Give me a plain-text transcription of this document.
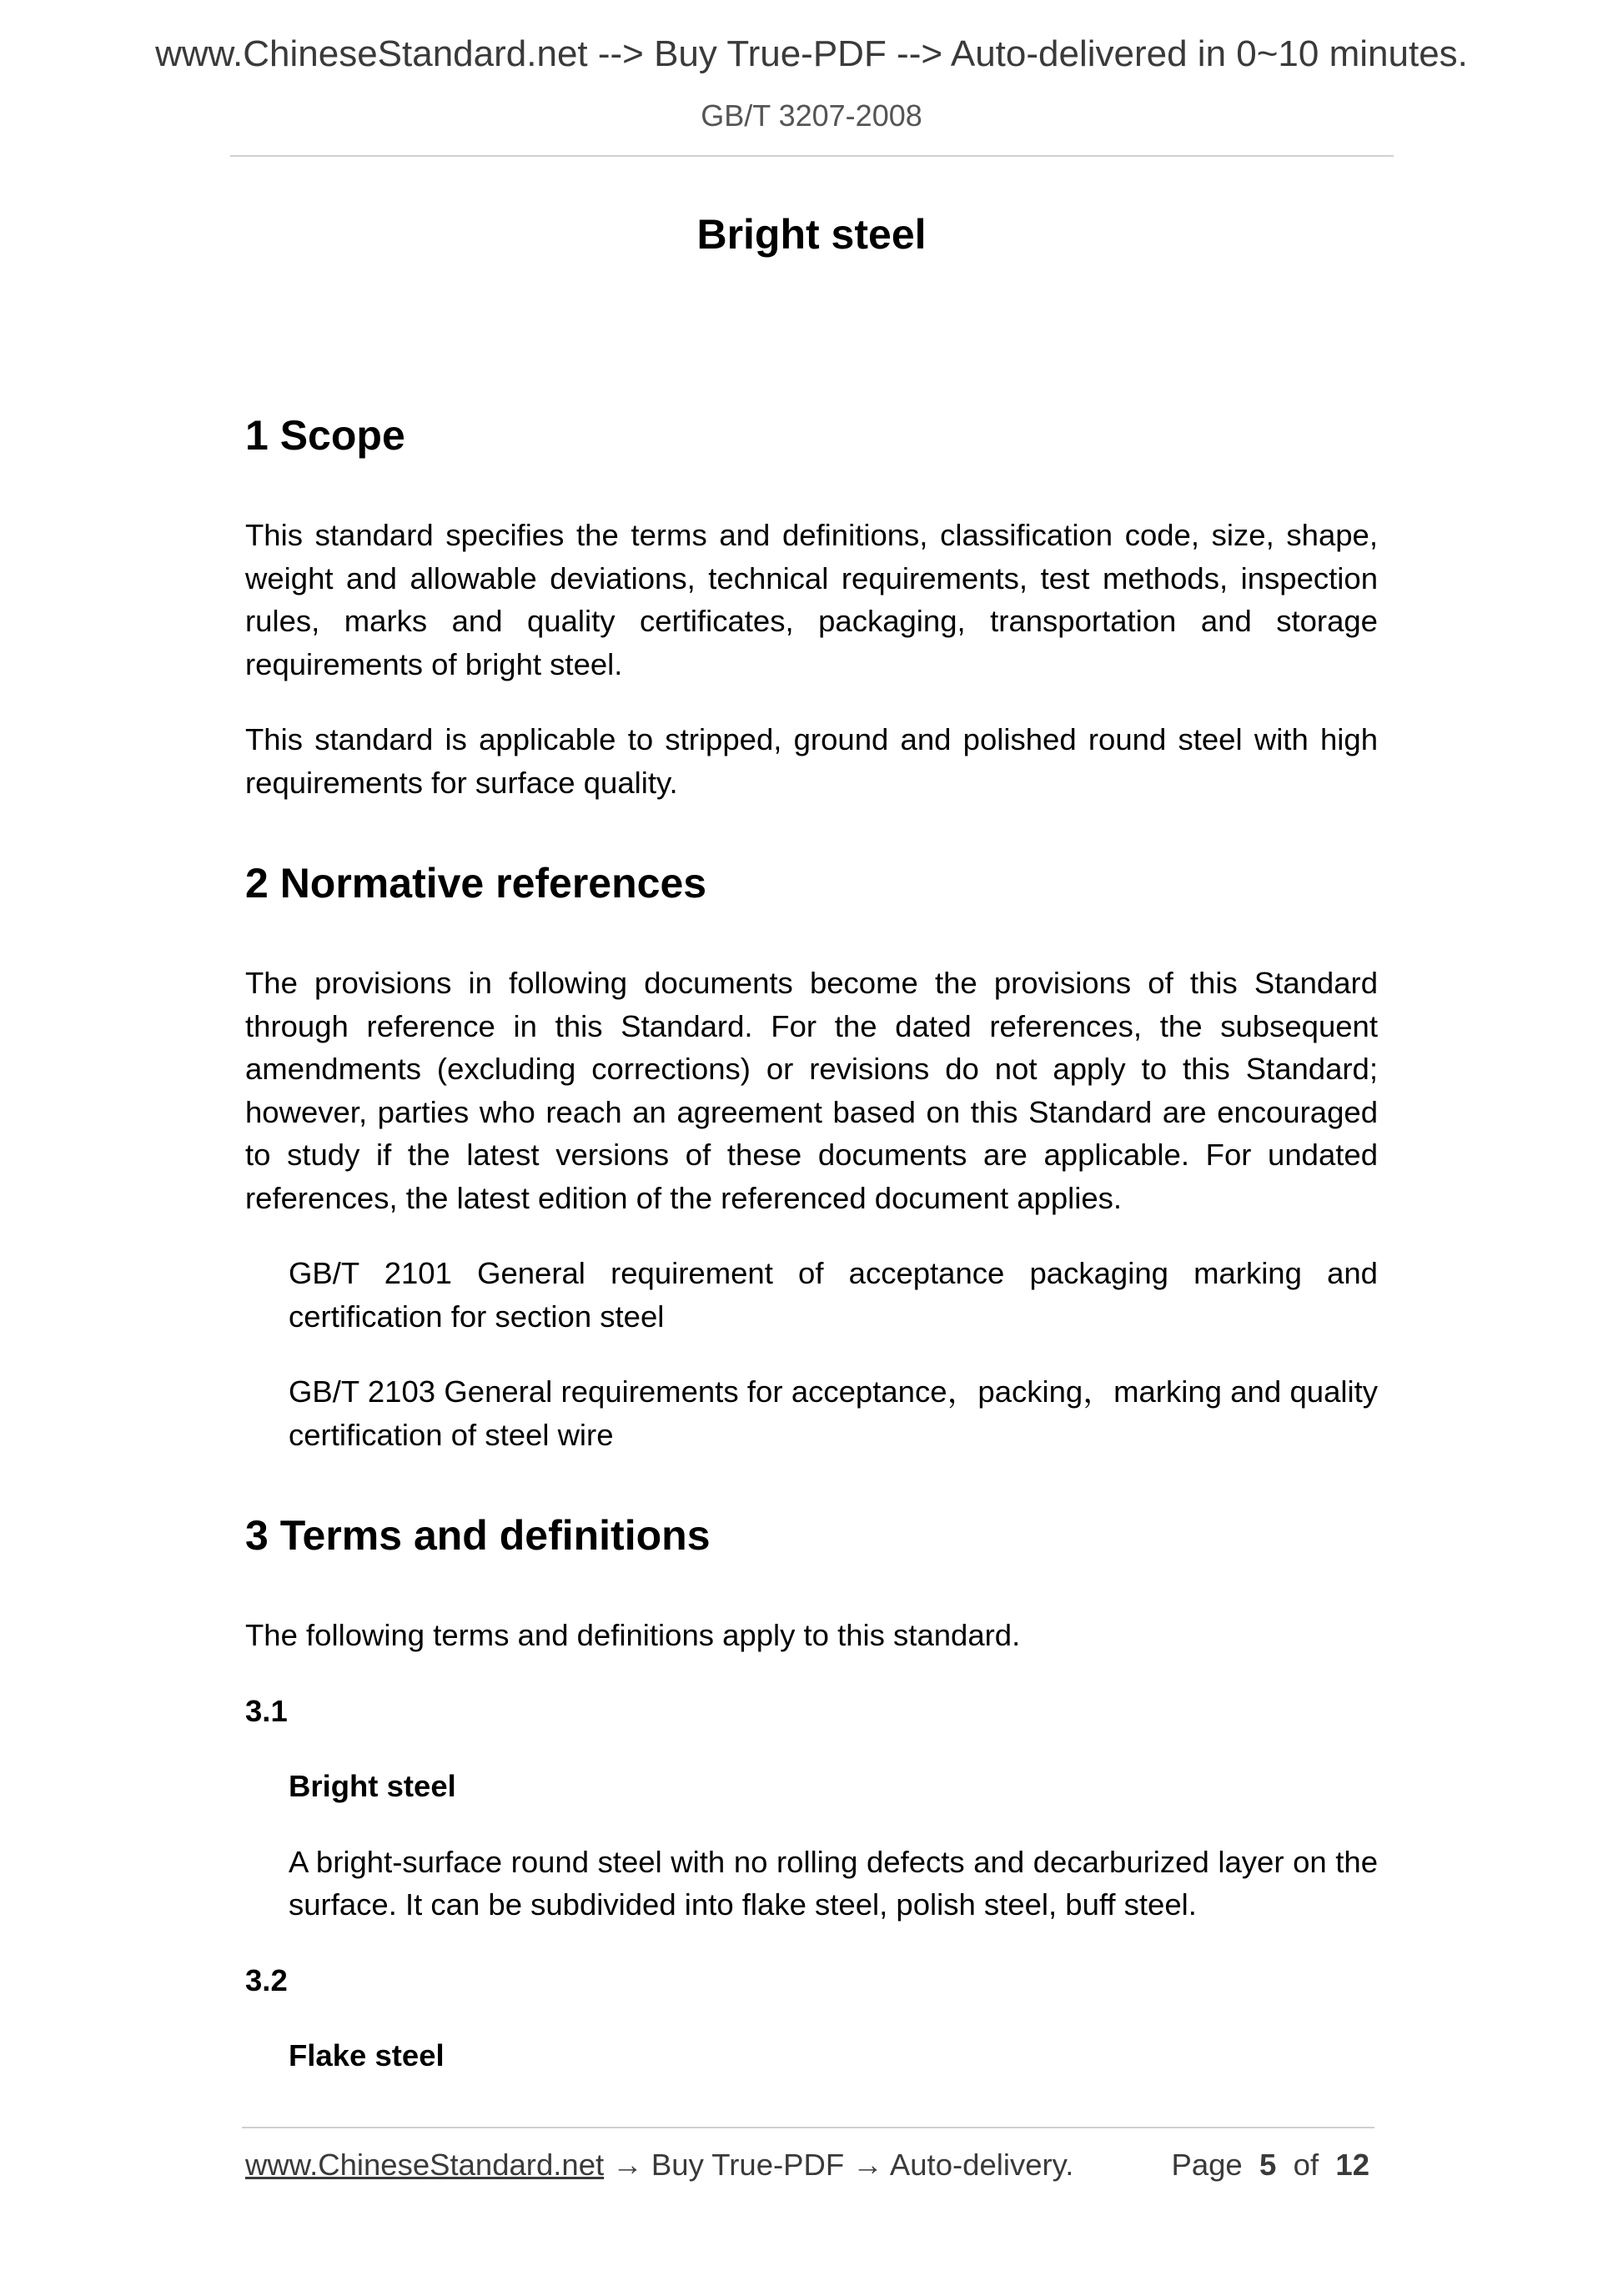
www.ChineseStandard.net --> Buy True-PDF --> Auto-delivered in 0~10 minutes.
GB/T 3207-2008
Bright steel
1 Scope

This standard specifies the terms and definitions, classification code, size, shape, weight and allowable deviations, technical requirements, test methods, inspection rules, marks and quality certificates, packaging, transportation and storage requirements of bright steel.

This standard is applicable to stripped, ground and polished round steel with high requirements for surface quality.

2 Normative references

The provisions in following documents become the provisions of this Standard through reference in this Standard. For the dated references, the subsequent amendments (excluding corrections) or revisions do not apply to this Standard; however, parties who reach an agreement based on this Standard are encouraged to study if the latest versions of these documents are applicable. For undated references, the latest edition of the referenced document applies.

GB/T 2101 General requirement of acceptance packaging marking and certification for section steel

GB/T 2103 General requirements for acceptance，packing，marking and quality certification of steel wire

3 Terms and definitions

The following terms and definitions apply to this standard.

3.1
Bright steel

A bright-surface round steel with no rolling defects and decarburized layer on the surface. It can be subdivided into flake steel, polish steel, buff steel.

3.2
Flake steel
www.ChineseStandard.net → Buy True-PDF → Auto-delivery.	Page 5 of 12
